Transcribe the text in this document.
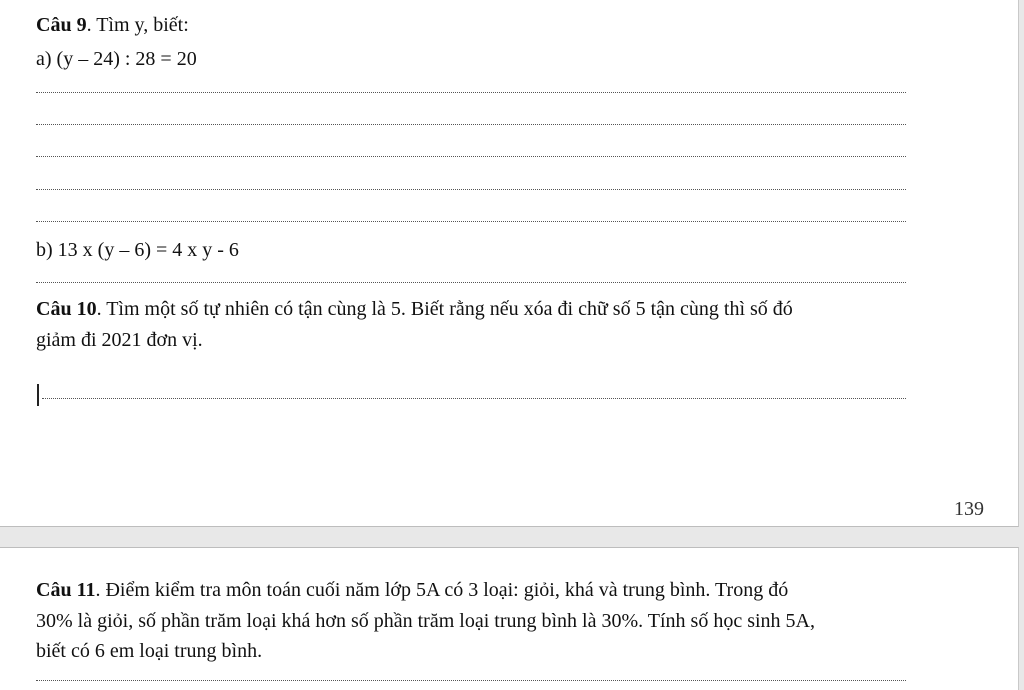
Câu 9. Tìm y, biết:
a) (y – 24) : 28 = 20
b) 13 x (y – 6) = 4 x y - 6
Câu 10. Tìm một số tự nhiên có tận cùng là 5. Biết rằng nếu xóa đi chữ số 5 tận cùng thì số đó
giảm đi 2021 đơn vị.
139
Câu 11. Điểm kiểm tra môn toán cuối năm lớp 5A có 3 loại: giỏi, khá và trung bình. Trong đó
30% là giỏi, số phần trăm loại khá hơn số phần trăm loại trung bình là 30%. Tính số học sinh 5A,
biết có 6 em loại trung bình.
